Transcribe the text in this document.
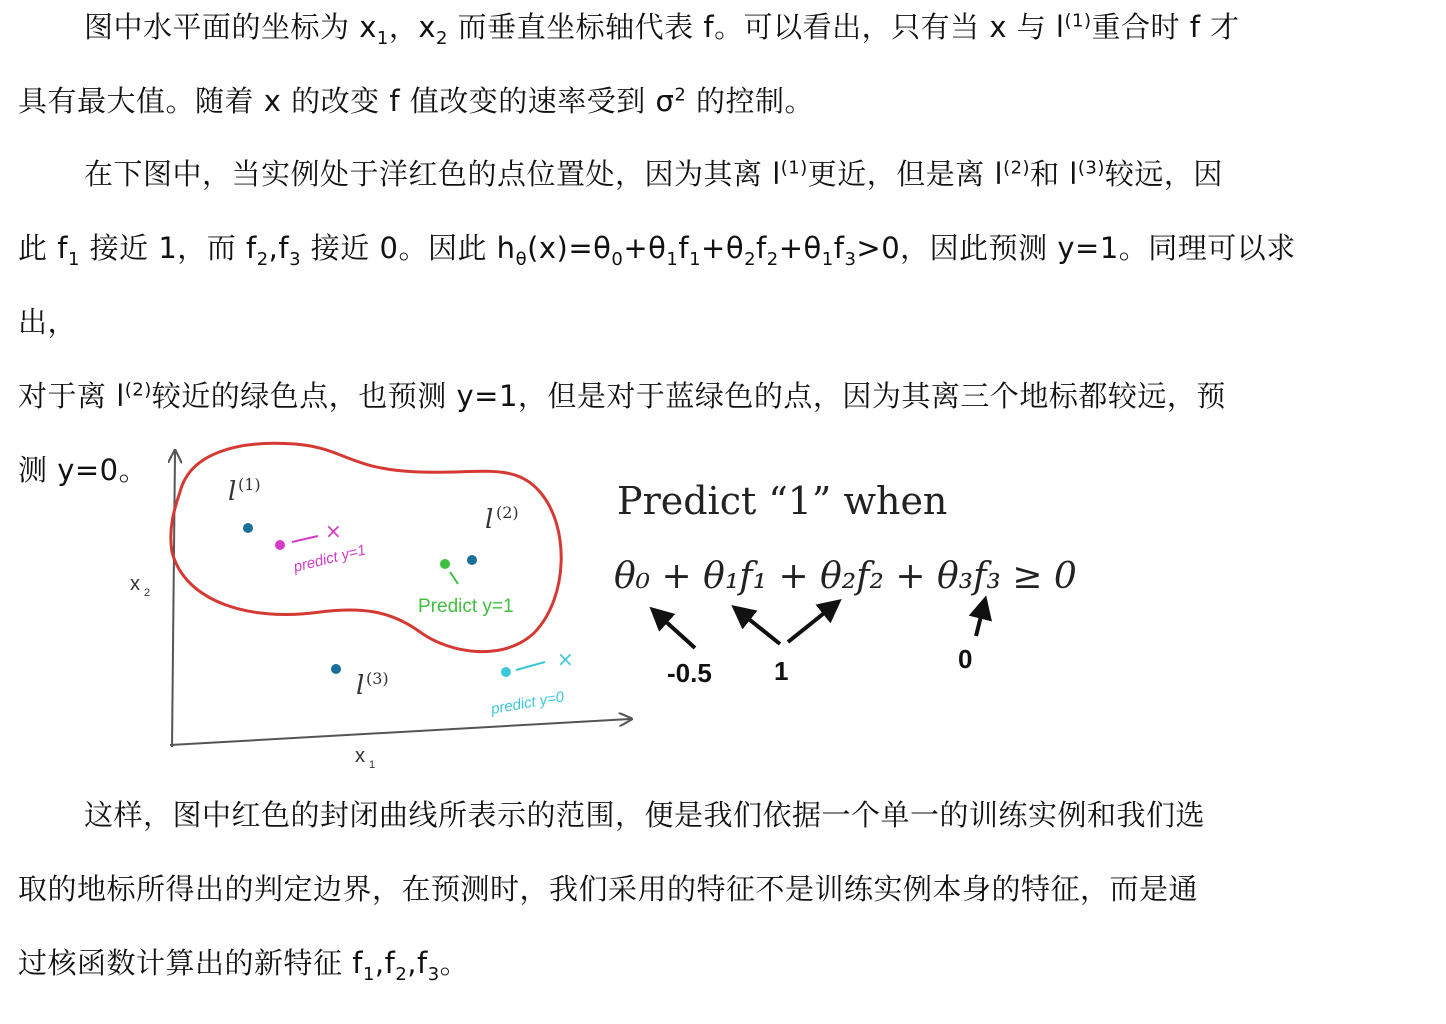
图中水平面的坐标为 $x_1$，$x_2$ 而垂直坐标轴代表 f。可以看出，只有当 x 与 $l^{(1)}$重合时 f 才
具有最大值。随着 x 的改变 f 值改变的速率受到 $\sigma^2$ 的控制。

在下图中，当实例处于洋红色的点位置处，因为其离 $l^{(1)}$更近，但是离 $l^{(2)}$和 $l^{(3)}$较远，因
此 $f_1$ 接近 1，而 $f_2,f_3$ 接近 0。因此 $h_\theta(x)=\theta_0+\theta_1f_1+\theta_2f_2+\theta_1f_3>0$，因此预测 y=1。同理可以求出，
对于离 $l^{(2)}$较近的绿色点，也预测 y=1，但是对于蓝绿色的点，因为其离三个地标都较远，预
测 y=0。

x 2
x 1
l (1)
l (2)
l (3)
×
predict y=1
Predict y=1
×
predict y=0
Predict “1” when
θ₀ + θ₁f₁ + θ₂f₂ + θ₃f₃ ≥ 0
-0.5 1	0

这样，图中红色的封闭曲线所表示的范围，便是我们依据一个单一的训练实例和我们选
取的地标所得出的判定边界，在预测时，我们采用的特征不是训练实例本身的特征，而是通
过核函数计算出的新特征 $f_1,f_2,f_3$。
